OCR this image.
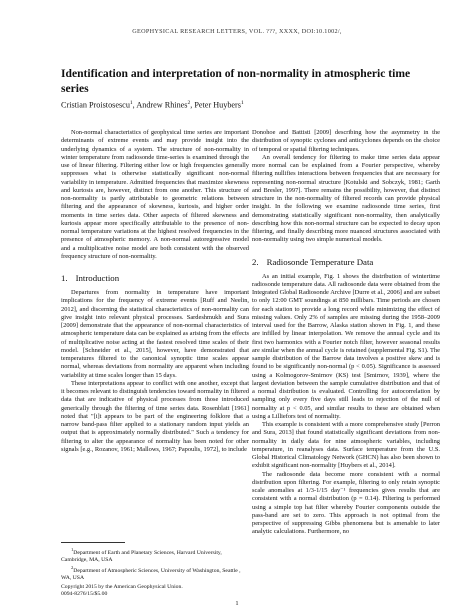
GEOPHYSICAL RESEARCH LETTERS, VOL. ???, XXXX, DOI:10.1002/,
Identification and interpretation of non-normality in atmospheric time series
Cristian Proistosescu$^1$, Andrew Rhines$^2$, Peter Huybers$^1$

Non-normal characteristics of geophysical time series are important determinants of extreme events and may provide insight into the underlying dynamics of a system. The structure of non-normality in winter temperature from radiosonde time-series is examined through the use of linear filtering. Filtering either low or high frequencies generally suppresses what is otherwise statistically significant non-normal variability in temperature. Admitted frequencies that maximize skewness and kurtosis are, however, distinct from one another. This structure of non-normality is partly attributable to geometric relations between filtering and the appearance of skewness, kurtosis, and higher order moments in time series data. Other aspects of filtered skewness and kurtosis appear more specifically attributable to the presence of non-normal temperature variations at the highest resolved frequencies in the presence of atmospheric memory. A non-normal autoregressive model and a multiplicative noise model are both consistent with the observed frequency structure of non-normality.

1. Introduction

Departures from normality in temperature have important implications for the frequency of extreme events [Ruff and Neelin, 2012], and discerning the statistical characteristics of non-normality can give insight into relevant physical processes. Sardeshmukh and Sura [2009] demonstrate that the appearance of non-normal characteristics of atmospheric temperature data can be explained as arising from the effects of multiplicative noise acting at the fastest resolved time scales of their model. [Schneider et al., 2015], however, have demonstrated that temperatures filtered to the canonical synoptic time scales appear normal, whereas deviations from normality are apparent when including variability at time scales longer than 15 days.

These interpretations appear to conflict with one another, except that it becomes relevant to distinguish tendencies toward normality in filtered data that are indicative of physical processes from those introduced generically through the filtering of time series data. Rosenblatt [1961] noted that "[i]t appears to be part of the engineering folklore that a narrow band-pass filter applied to a stationary random input yields an output that is approximately normally distributed." Such a tendency for filtering to alter the appearance of normality has been noted for other signals [e.g., Rozanov, 1961; Mallows, 1967; Papoulis, 1972], to include

Donohoe and Battisti [2009] describing how the asymmetry in the distribution of synoptic cyclones and anticyclones depends on the choice of temporal or spatial filtering techniques.

An overall tendency for filtering to make time series data appear more normal can be explained from a Fourier perspective, whereby filtering nullifies interactions between frequencies that are necessary for representing non-normal structure [Kotulski and Sobczyk, 1981; Garth and Bresler, 1997]. There remains the possibility, however, that distinct structure in the non-normality of filtered records can provide physical insight. In the following we examine radiosonde time series, first demonstrating statistically significant non-normality, then analytically describing how this non-normal structure can be expected to decay upon filtering, and finally describing more nuanced structures associated with non-normality using two simple numerical models.

2. Radiosonde Temperature Data

As an initial example, Fig. 1 shows the distribution of wintertime radiosonde temperature data. All radiosonde data were obtained from the Integrated Global Radiosonde Archive [Durre et al., 2006] and are subset to only 12:00 GMT soundings at 850 millibars. Time periods are chosen for each station to provide a long record while minimizing the effect of missing values. Only 2% of samples are missing during the 1958–2009 interval used for the Barrow, Alaska station shown in Fig. 1, and these are infilled by linear interpolation. We remove the annual cycle and its first two harmonics with a Fourier notch filter, however seasonal results are similar when the annual cycle is retained (supplemental Fig. S1). The sample distribution of the Barrow data involves a positive skew and is found to be significantly non-normal (p < 0.05). Significance is assessed using a Kolmogorov-Smirnov (KS) test [Smirnov, 1939], where the largest deviation between the sample cumulative distribution and that of a normal distribution is evaluated. Controlling for autocorrelation by sampling only every five days still leads to rejection of the null of normality at p < 0.05, and similar results to these are obtained when using a Lilliefors test of normality.

This example is consistent with a more comprehensive study [Perron and Sura, 2013] that found statistically significant deviations from non-normality in daily data for nine atmospheric variables, including temperature, in reanalyses data. Surface temperature from the U.S. Global Historical Climatology Network (GHCN) has also been shown to exhibit significant non-normality [Huybers et al., 2014].

The radiosonde data become more consistent with a normal distribution upon filtering. For example, filtering to only retain synoptic scale anomalies at 1/3-1/15 day⁻¹ frequencies gives results that are consistent with a normal distribution (p = 0.14). Filtering is performed using a simple top hat filter whereby Fourier components outside the pass-band are set to zero. This approach is not optimal from the perspective of suppressing Gibbs phenomena but is amenable to later analytic calculations. Furthermore, no

$^1$Department of Earth and Planetary Sciences, Harvard University, Cambridge, MA, USA

$^2$Department of Atmospheric Sciences, University of Washington, Seattle , WA, USA

Copyright 2015 by the American Geophysical Union.

0094-8276/15/$5.00

1
